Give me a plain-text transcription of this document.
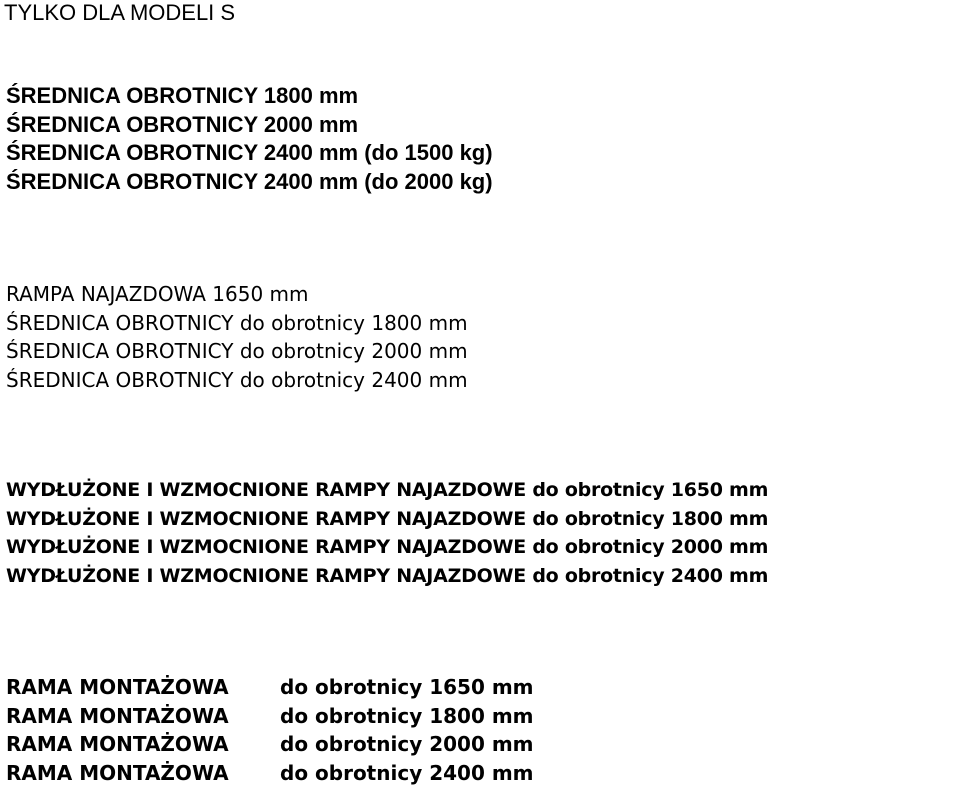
TYLKO DLA MODELI S
ŚREDNICA OBROTNICY 1800 mm
ŚREDNICA OBROTNICY 2000 mm
ŚREDNICA OBROTNICY 2400 mm (do 1500 kg)
ŚREDNICA OBROTNICY 2400 mm (do 2000 kg)
RAMPA NAJAZDOWA 1650 mm
ŚREDNICA OBROTNICY do obrotnicy 1800 mm
ŚREDNICA OBROTNICY do obrotnicy 2000 mm
ŚREDNICA OBROTNICY do obrotnicy 2400 mm
WYDŁUŻONE I WZMOCNIONE RAMPY NAJAZDOWE do obrotnicy 1650 mm
WYDŁUŻONE I WZMOCNIONE RAMPY NAJAZDOWE do obrotnicy 1800 mm
WYDŁUŻONE I WZMOCNIONE RAMPY NAJAZDOWE do obrotnicy 2000 mm
WYDŁUŻONE I WZMOCNIONE RAMPY NAJAZDOWE do obrotnicy 2400 mm
RAMA MONTAŻOWA	do obrotnicy 1650 mm
RAMA MONTAŻOWA	do obrotnicy 1800 mm
RAMA MONTAŻOWA	do obrotnicy 2000 mm
RAMA MONTAŻOWA	do obrotnicy 2400 mm
